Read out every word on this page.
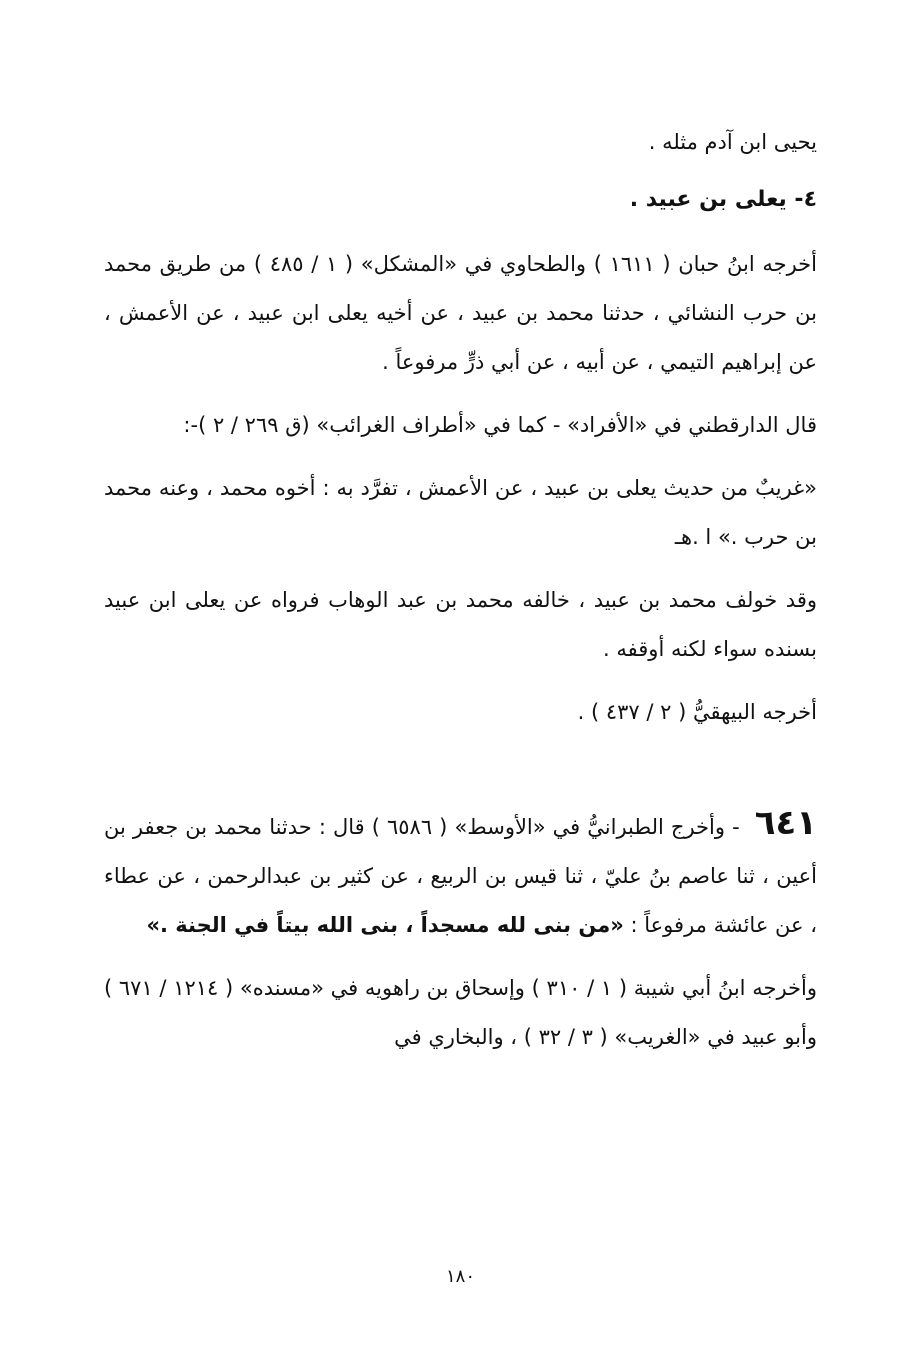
يحيى ابن آدم مثله .

٤- يعلى بن عبيد .

أخرجه ابنُ حبان ( ١٦١١ ) والطحاوي في «المشكل» ( ١ / ٤٨٥ ) من طريق محمد بن حرب النشائي ، حدثنا محمد بن عبيد ، عن أخيه يعلى ابن عبيد ، عن الأعمش ، عن إبراهيم التيمي ، عن أبيه ، عن أبي ذرٍّ مرفوعاً .

قال الدارقطني في «الأفراد» - كما في «أطراف الغرائب» (ق ٢٦٩ / ٢ )-:

«غريبٌ من حديث يعلى بن عبيد ، عن الأعمش ، تفرَّد به : أخوه محمد ، وعنه محمد بن حرب .» ا .هـ

وقد خولف محمد بن عبيد ، خالفه محمد بن عبد الوهاب فرواه عن يعلى ابن عبيد بسنده سواء لكنه أوقفه .

أخرجه البيهقيُّ ( ٢ / ٤٣٧ ) .

٦٤١ - وأخرج الطبرانيُّ في «الأوسط» ( ٦٥٨٦ ) قال : حدثنا محمد بن جعفر بن أعين ، ثنا عاصم بنُ عليّ ، ثنا قيس بن الربيع ، عن كثير بن عبدالرحمن ، عن عطاء ، عن عائشة مرفوعاً : «من بنى لله مسجداً ، بنى الله بيتاً في الجنة .»

وأخرجه ابنُ أبي شيبة ( ١ / ٣١٠ ) وإسحاق بن راهويه في «مسنده» ( ١٢١٤ / ٦٧١ ) وأبو عبيد في «الغريب» ( ٣ / ٣٢ ) ، والبخاري في

١٨٠
